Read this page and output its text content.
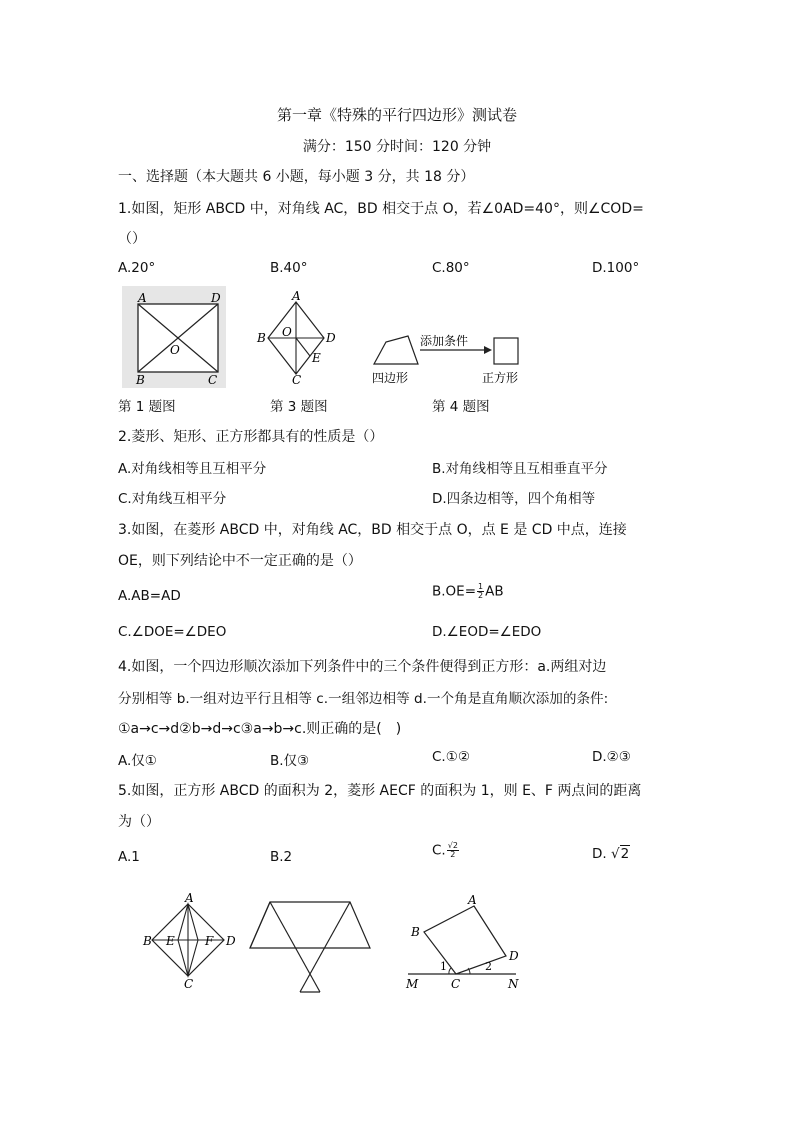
第一章《特殊的平行四边形》测试卷
满分：150 分时间：120 分钟
一、选择题（本大题共 6 小题，每小题 3 分，共 18 分）
1.如图，矩形 ABCD 中，对角线 AC，BD 相交于点 O，若∠0AD=40°，则∠COD=
（）
A.20°	B.40°	C.80°	D.100°
A	D
O
B	C
A
O
B	D
E
C
添加条件
四边形	正方形
第 1 题图	第 3 题图	第 4 题图
2.菱形、矩形、正方形都具有的性质是（）
A.对角线相等且互相平分	B.对角线相等且互相垂直平分
C.对角线互相平分	D.四条边相等，四个角相等
3.如图，在菱形 ABCD 中，对角线 AC，BD 相交于点 O，点 E 是 CD 中点，连接
OE，则下列结论中不一定正确的是（）
A.AB=AD	$B.OE= \frac{1}{2}$ AB
C.∠DOE=∠DEO	D.∠EOD=∠EDO
4.如图，一个四边形顺次添加下列条件中的三个条件便得到正方形：a.两组对边
分别相等 b.一组对边平行且相等 c.一组邻边相等 d.一个角是直角顺次添加的条件:
①a→c→d②b→d→c③a→b→c.则正确的是(　)
A.仅①	B.仅③	C.①②	D.②③
5.如图，正方形 ABCD 的面积为 2，菱形 AECF 的面积为 1，则 E、F 两点间的距离
为（）
A.1	B.2	C. $\frac{√2}{2}$	D. √2
A
B E	F D
C
A
B
D
1	2
M	C	N
